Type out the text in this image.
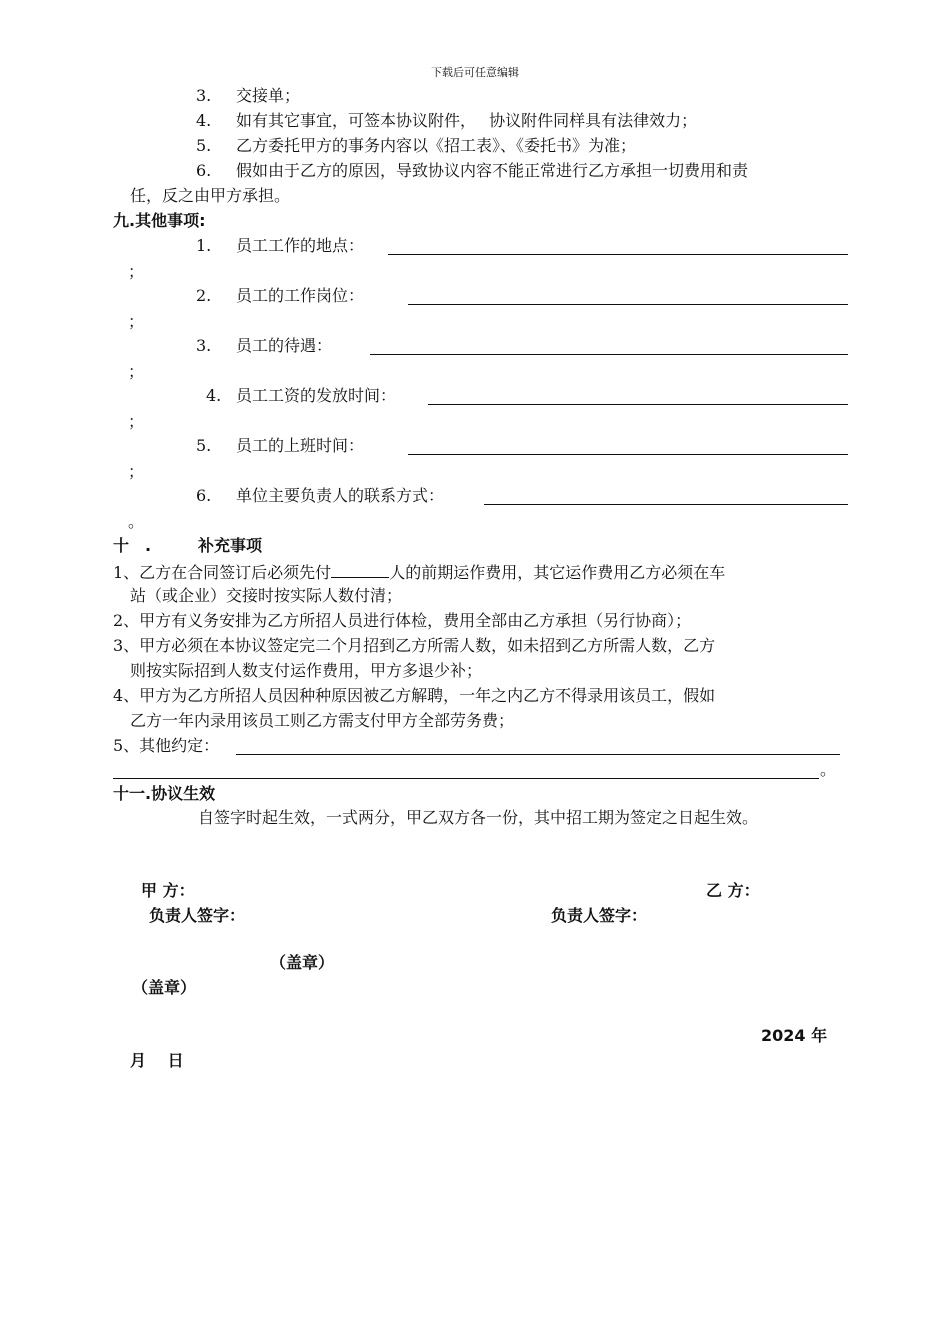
下载后可任意编辑
3. 交接单；
4. 如有其它事宜，可签本协议附件，　 协议附件同样具有法律效力；
5. 乙方委托甲方的事务内容以《招工表》、《委托书》为准；
6. 假如由于乙方的原因，导致协议内容不能正常进行乙方承担一切费用和责
任，反之由甲方承担。
九.其他事项:
1. 员工工作的地点：
；
2. 员工的工作岗位：
；
3. 员工的待遇：
；
4. 员工工资的发放时间：
；
5. 员工的上班时间：
；
6. 单位主要负责人的联系方式：
。
十　.	补充事项
1、乙方在合同签订后必须先付	人的前期运作费用，其它运作费用乙方必须在车
站（或企业）交接时按实际人数付清；
2、甲方有义务安排为乙方所招人员进行体检，费用全部由乙方承担（另行协商）；
3、甲方必须在本协议签定完二个月招到乙方所需人数，如未招到乙方所需人数，乙方
则按实际招到人数支付运作费用，甲方多退少补；
4、甲方为乙方所招人员因种种原因被乙方解聘，一年之内乙方不得录用该员工，假如
乙方一年内录用该员工则乙方需支付甲方全部劳务费；
5、其他约定：
。
十一.协议生效
自签字时起生效，一式两分，甲乙双方各一份，其中招工期为签定之日起生效。
甲 方：	乙 方：
负责人签字：	负责人签字：
（盖章）
（盖章）
2024 年
月　 日
